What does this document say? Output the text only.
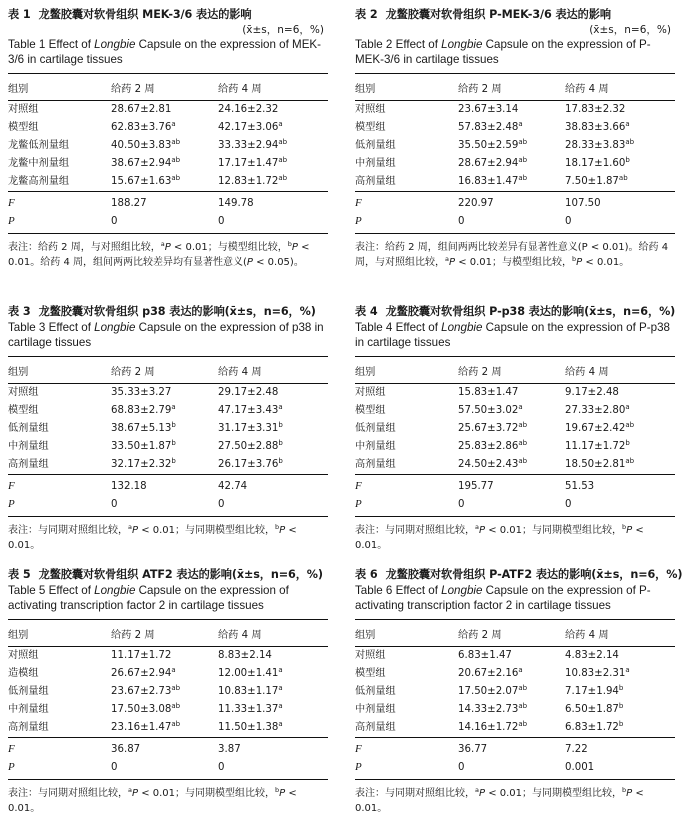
表 1 龙鳖胶囊对软骨组织 MEK-3/6 表达的影响
(x̄±s，n=6，%)
Table 1 Effect of Longbie Capsule on the expression of MEK-3/6 in cartilage tissues
组别	给药 2 周	给药 4 周
对照组	28.67±2.81	24.16±2.32
模型组	62.83±3.76$^a$	42.17±3.06$^a$
龙鳖低剂量组	40.50±3.83$^{ab}$	33.33±2.94$^{ab}$
龙鳖中剂量组	38.67±2.94$^{ab}$	17.17±1.47$^{ab}$
龙鳖高剂量组	15.67±1.63$^{ab}$	12.83±1.72$^{ab}$
F	188.27	149.78
P	0	0
表注：给药 2 周，与对照组比较，$^a$P < 0.01；与模型组比较，$^b$P < 0.01。给药 4 周，组间两两比较差异均有显著性意义(P < 0.05)。
表 2 龙鳖胶囊对软骨组织 P-MEK-3/6 表达的影响
(x̄±s，n=6，%)
Table 2 Effect of Longbie Capsule on the expression of P-MEK-3/6 in cartilage tissues
组别	给药 2 周	给药 4 周
对照组	23.67±3.14	17.83±2.32
模型组	57.83±2.48$^a$	38.83±3.66$^a$
低剂量组	35.50±2.59$^{ab}$	28.33±3.83$^{ab}$
中剂量组	28.67±2.94$^{ab}$	18.17±1.60$^b$
高剂量组	16.83±1.47$^{ab}$	7.50±1.87$^{ab}$
F	220.97	107.50
P	0	0
表注：给药 2 周，组间两两比较差异有显著性意义(P < 0.01)。给药 4 周，与对照组比较，$^a$P < 0.01；与模型组比较，$^b$P < 0.01。
表 3 龙鳖胶囊对软骨组织 p38 表达的影响(x̄±s，n=6，%)
Table 3 Effect of Longbie Capsule on the expression of p38 in cartilage tissues
组别	给药 2 周	给药 4 周
对照组	35.33±3.27	29.17±2.48
模型组	68.83±2.79$^a$	47.17±3.43$^a$
低剂量组	38.67±5.13$^b$	31.17±3.31$^b$
中剂量组	33.50±1.87$^b$	27.50±2.88$^b$
高剂量组	32.17±2.32$^b$	26.17±3.76$^b$
F	132.18	42.74
P	0	0
表注：与同期对照组比较，$^a$P < 0.01；与同期模型组比较，$^b$P < 0.01。
表 4 龙鳖胶囊对软骨组织 P-p38 表达的影响(x̄±s，n=6，%)
Table 4 Effect of Longbie Capsule on the expression of P-p38 in cartilage tissues
组别	给药 2 周	给药 4 周
对照组	15.83±1.47	9.17±2.48
模型组	57.50±3.02$^a$	27.33±2.80$^a$
低剂量组	25.67±3.72$^{ab}$	19.67±2.42$^{ab}$
中剂量组	25.83±2.86$^{ab}$	11.17±1.72$^b$
高剂量组	24.50±2.43$^{ab}$	18.50±2.81$^{ab}$
F	195.77	51.53
P	0	0
表注：与同期对照组比较，$^a$P < 0.01；与同期模型组比较，$^b$P < 0.01。
表 5 龙鳖胶囊对软骨组织 ATF2 表达的影响(x̄±s，n=6，%)
Table 5 Effect of Longbie Capsule on the expression of activating transcription factor 2 in cartilage tissues
组别	给药 2 周	给药 4 周
对照组	11.17±1.72	8.83±2.14
造模组	26.67±2.94$^a$	12.00±1.41$^a$
低剂量组	23.67±2.73$^{ab}$	10.83±1.17$^a$
中剂量组	17.50±3.08$^{ab}$	11.33±1.37$^a$
高剂量组	23.16±1.47$^{ab}$	11.50±1.38$^a$
F	36.87	3.87
P	0	0
表注：与同期对照组比较，$^a$P < 0.01；与同期模型组比较，$^b$P < 0.01。
表 6 龙鳖胶囊对软骨组织 P-ATF2 表达的影响(x̄±s，n=6，%)
Table 6 Effect of Longbie Capsule on the expression of P-activating transcription factor 2 in cartilage tissues
组别	给药 2 周	给药 4 周
对照组	6.83±1.47	4.83±2.14
模型组	20.67±2.16$^a$	10.83±2.31$^a$
低剂量组	17.50±2.07$^{ab}$	7.17±1.94$^b$
中剂量组	14.33±2.73$^{ab}$	6.50±1.87$^b$
高剂量组	14.16±1.72$^{ab}$	6.83±1.72$^b$
F	36.77	7.22
P	0	0.001
表注：与同期对照组比较，$^a$P < 0.01；与同期模型组比较，$^b$P < 0.01。
